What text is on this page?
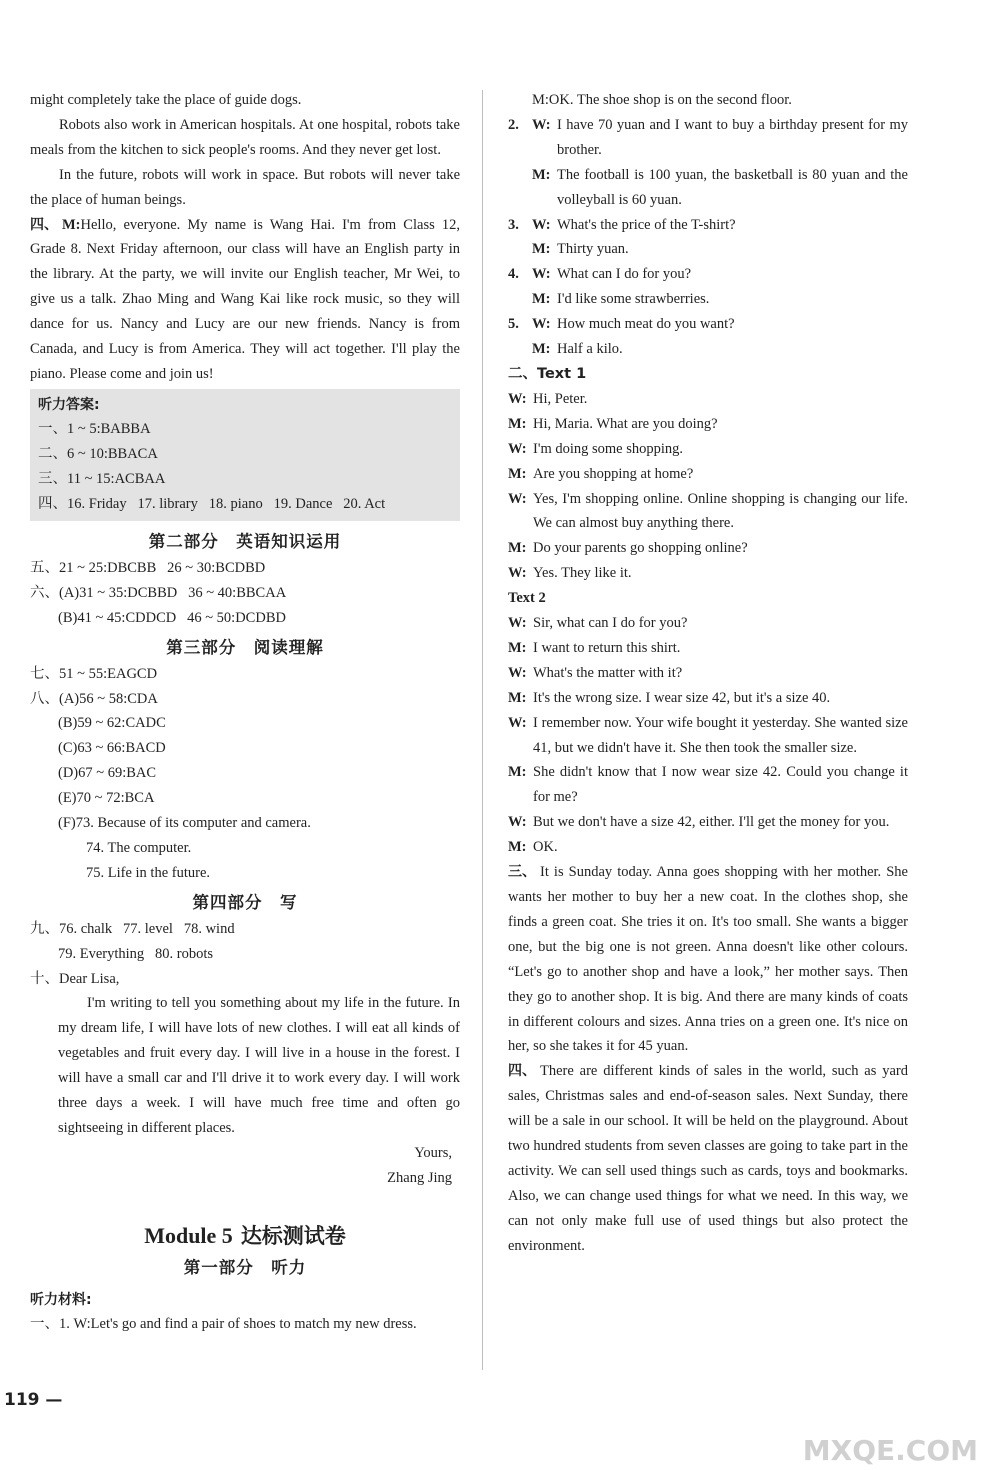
might completely take the place of guide dogs.

Robots also work in American hospitals. At one hospital, robots take meals from the kitchen to sick people's rooms. And they never get lost.

In the future, robots will work in space. But robots will never take the place of human beings.

四、 M:Hello, everyone. My name is Wang Hai. I'm from Class 12, Grade 8. Next Friday afternoon, our class will have an English party in the library. At the party, we will invite our English teacher, Mr Wei, to give us a talk. Zhao Ming and Wang Kai like rock music, so they will dance for us. Nancy and Lucy are our new friends. Nancy is from Canada, and Lucy is from America. They will act together. I'll play the piano. Please come and join us!

听力答案:
一、1 ~ 5:BABBA
二、6 ~ 10:BBACA
三、11 ~ 15:ACBAA
四、16. Friday   17. library   18. piano   19. Dance   20. Act
第二部分　英语知识运用
五、21 ~ 25:DBCBB   26 ~ 30:BCDBD
六、(A)31 ~ 35:DCBBD   36 ~ 40:BBCAA
(B)41 ~ 45:CDDCD   46 ~ 50:DCDBD
第三部分　阅读理解
七、51 ~ 55:EAGCD
八、(A)56 ~ 58:CDA
(B)59 ~ 62:CADC
(C)63 ~ 66:BACD
(D)67 ~ 69:BAC
(E)70 ~ 72:BCA
(F)73. Because of its computer and camera.
74. The computer.
75. Life in the future.
第四部分　写
九、76. chalk   77. level   78. wind
79. Everything   80. robots
十、Dear Lisa,

I'm writing to tell you something about my life in the future. In my dream life, I will have lots of new clothes. I will eat all kinds of vegetables and fruit every day. I will live in a house in the forest. I will have a small car and I'll drive it to work every day. I will work three days a week. I will have much free time and often go sightseeing in different places.

Yours,
Zhang Jing
Module 5 达标测试卷
第一部分　听力
听力材料:
一、1. W:Let's go and find a pair of shoes to match my new dress.
M:OK. The shoe shop is on the second floor.
2. W: I have 70 yuan and I want to buy a birthday present for my brother.
M: The football is 100 yuan, the basketball is 80 yuan and the volleyball is 60 yuan.
3. W: What's the price of the T-shirt?
M: Thirty yuan.
4. W: What can I do for you?
M: I'd like some strawberries.
5. W: How much meat do you want?
M: Half a kilo.
二、Text 1
W: Hi, Peter.
M: Hi, Maria. What are you doing?
W: I'm doing some shopping.
M: Are you shopping at home?
W: Yes, I'm shopping online. Online shopping is changing our life. We can almost buy anything there.
M: Do your parents go shopping online?
W: Yes. They like it.
Text 2
W: Sir, what can I do for you?
M: I want to return this shirt.
W: What's the matter with it?
M: It's the wrong size. I wear size 42, but it's a size 40.
W: I remember now. Your wife bought it yesterday. She wanted size 41, but we didn't have it. She then took the smaller size.
M: She didn't know that I now wear size 42. Could you change it for me?
W: But we don't have a size 42, either. I'll get the money for you.
M: OK.

三、 It is Sunday today. Anna goes shopping with her mother. She wants her mother to buy her a new coat. In the clothes shop, she finds a green coat. She tries it on. It's too small. She wants a bigger one, but the big one is not green. Anna doesn't like other colours. “Let's go to another shop and have a look,” her mother says. Then they go to another shop. It is big. And there are many kinds of coats in different colours and sizes. Anna tries on a green one. It's nice on her, so she takes it for 45 yuan.

四、 There are different kinds of sales in the world, such as yard sales, Christmas sales and end-of-season sales. Next Sunday, there will be a sale in our school. It will be held on the playground. About two hundred students from seven classes are going to take part in the activity. We can sell used things such as cards, toys and bookmarks. Also, we can change used things for what we need. In this way, we can not only make full use of used things but also protect the environment.

119 —
MXQE.COM
